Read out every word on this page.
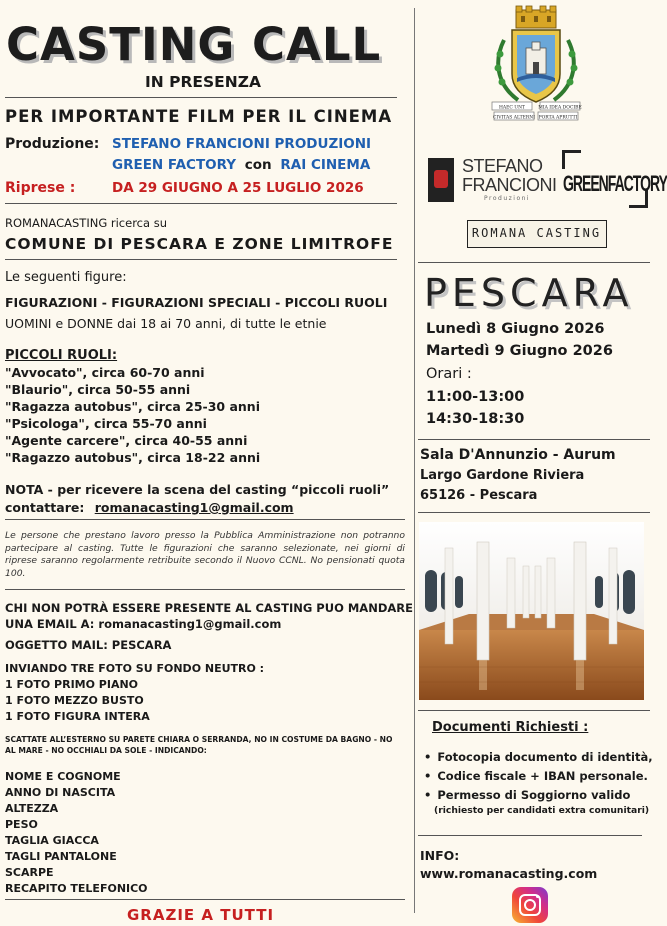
CASTING CALL
IN PRESENZA
PER IMPORTANTE FILM PER IL CINEMA
Produzione: STEFANO FRANCIONI PRODUZIONI
GREEN FACTORY con RAI CINEMA
Riprese :	DA 29 GIUGNO A 25 LUGLIO 2026
ROMANACASTING ricerca su
COMUNE DI PESCARA E ZONE LIMITROFE
Le seguenti figure:
FIGURAZIONI - FIGURAZIONI SPECIALI - PICCOLI RUOLI
UOMINI e DONNE dai 18 ai 70 anni, di tutte le etnie
PICCOLI RUOLI:
"Avvocato", circa 60-70 anni
"Blaurio", circa 50-55 anni
"Ragazza autobus", circa 25-30 anni
"Psicologa", circa 55-70 anni
"Agente carcere", circa 40-55 anni
"Ragazzo autobus", circa 18-22 anni
NOTA - per ricevere la scena del casting “piccoli ruoli”
contattare: romanacasting1@gmail.com
Le persone che prestano lavoro presso la Pubblica Amministrazione non potranno partecipare al casting. Tutte le figurazioni che saranno selezionate, nei giorni di riprese saranno regolarmente retribuite secondo il Nuovo CCNL. No pensionati quota 100.
CHI NON POTRÀ ESSERE PRESENTE AL CASTING PUO MANDARE
UNA EMAIL A: romanacasting1@gmail.com
OGGETTO MAIL: PESCARA
INVIANDO TRE FOTO SU FONDO NEUTRO :
1 FOTO PRIMO PIANO
1 FOTO MEZZO BUSTO
1 FOTO FIGURA INTERA
SCATTATE ALL’ESTERNO SU PARETE CHIARA O SERRANDA, NO IN COSTUME DA BAGNO - NO AL MARE - NO OCCHIALI DA SOLE - INDICANDO:
NOME E COGNOME
ANNO DI NASCITA
ALTEZZA
PESO
TAGLIA GIACCA
TAGLI PANTALONE
SCARPE
RECAPITO TELEFONICO
GRAZIE A TUTTI
HAEC UNT	MIA IDEA DOCIBE
CIVITAS ALTERNI PORTA APRUTTI
STEFANO
FRANCIONI
Produzioni
GREENFACTORY
ROMANA CASTING
PESCARA
Lunedì 8 Giugno 2026
Martedì 9 Giugno 2026
Orari :
11:00-13:00
14:30-18:30
Sala D'Annunzio - Aurum
Largo Gardone Riviera
65126 - Pescara
Documenti Richiesti :
• Fotocopia documento di identità,
• Codice fiscale + IBAN personale.
• Permesso di Soggiorno valido
(richiesto per candidati extra comunitari)
INFO:
www.romanacasting.com
